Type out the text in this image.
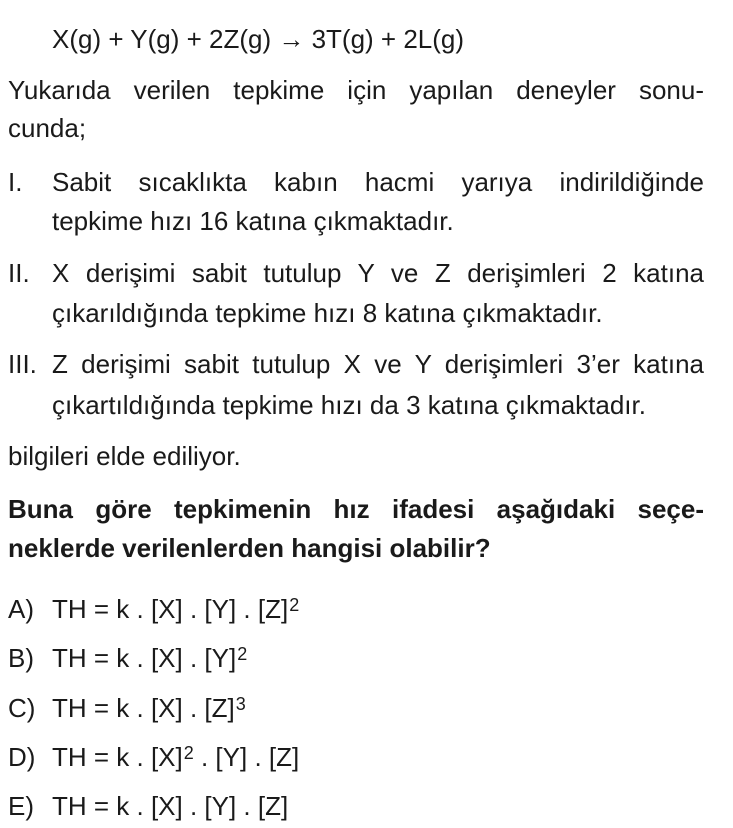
X(g) + Y(g) + 2Z(g) → 3T(g) + 2L(g)
Yukarıda verilen tepkime için yapılan deneyler sonu-
cunda;
I. Sabit sıcaklıkta kabın hacmi yarıya indirildiğinde
tepkime hızı 16 katına çıkmaktadır.
II. X derişimi sabit tutulup Y ve Z derişimleri 2 katına
çıkarıldığında tepkime hızı 8 katına çıkmaktadır.
III. Z derişimi sabit tutulup X ve Y derişimleri 3’er katına
çıkartıldığında tepkime hızı da 3 katına çıkmaktadır.
bilgileri elde ediliyor.
Buna göre tepkimenin hız ifadesi aşağıdaki seçe-
neklerde verilenlerden hangisi olabilir?
A) TH = k . [X] . [Y] . $[Z]^2$
B) TH = k . [X] . $[Y]^2$
C) TH = k . [X] . $[Z]^3$
D) TH = k . $[X]^2$ . [Y] . [Z]
E) TH = k . [X] . [Y] . [Z]
